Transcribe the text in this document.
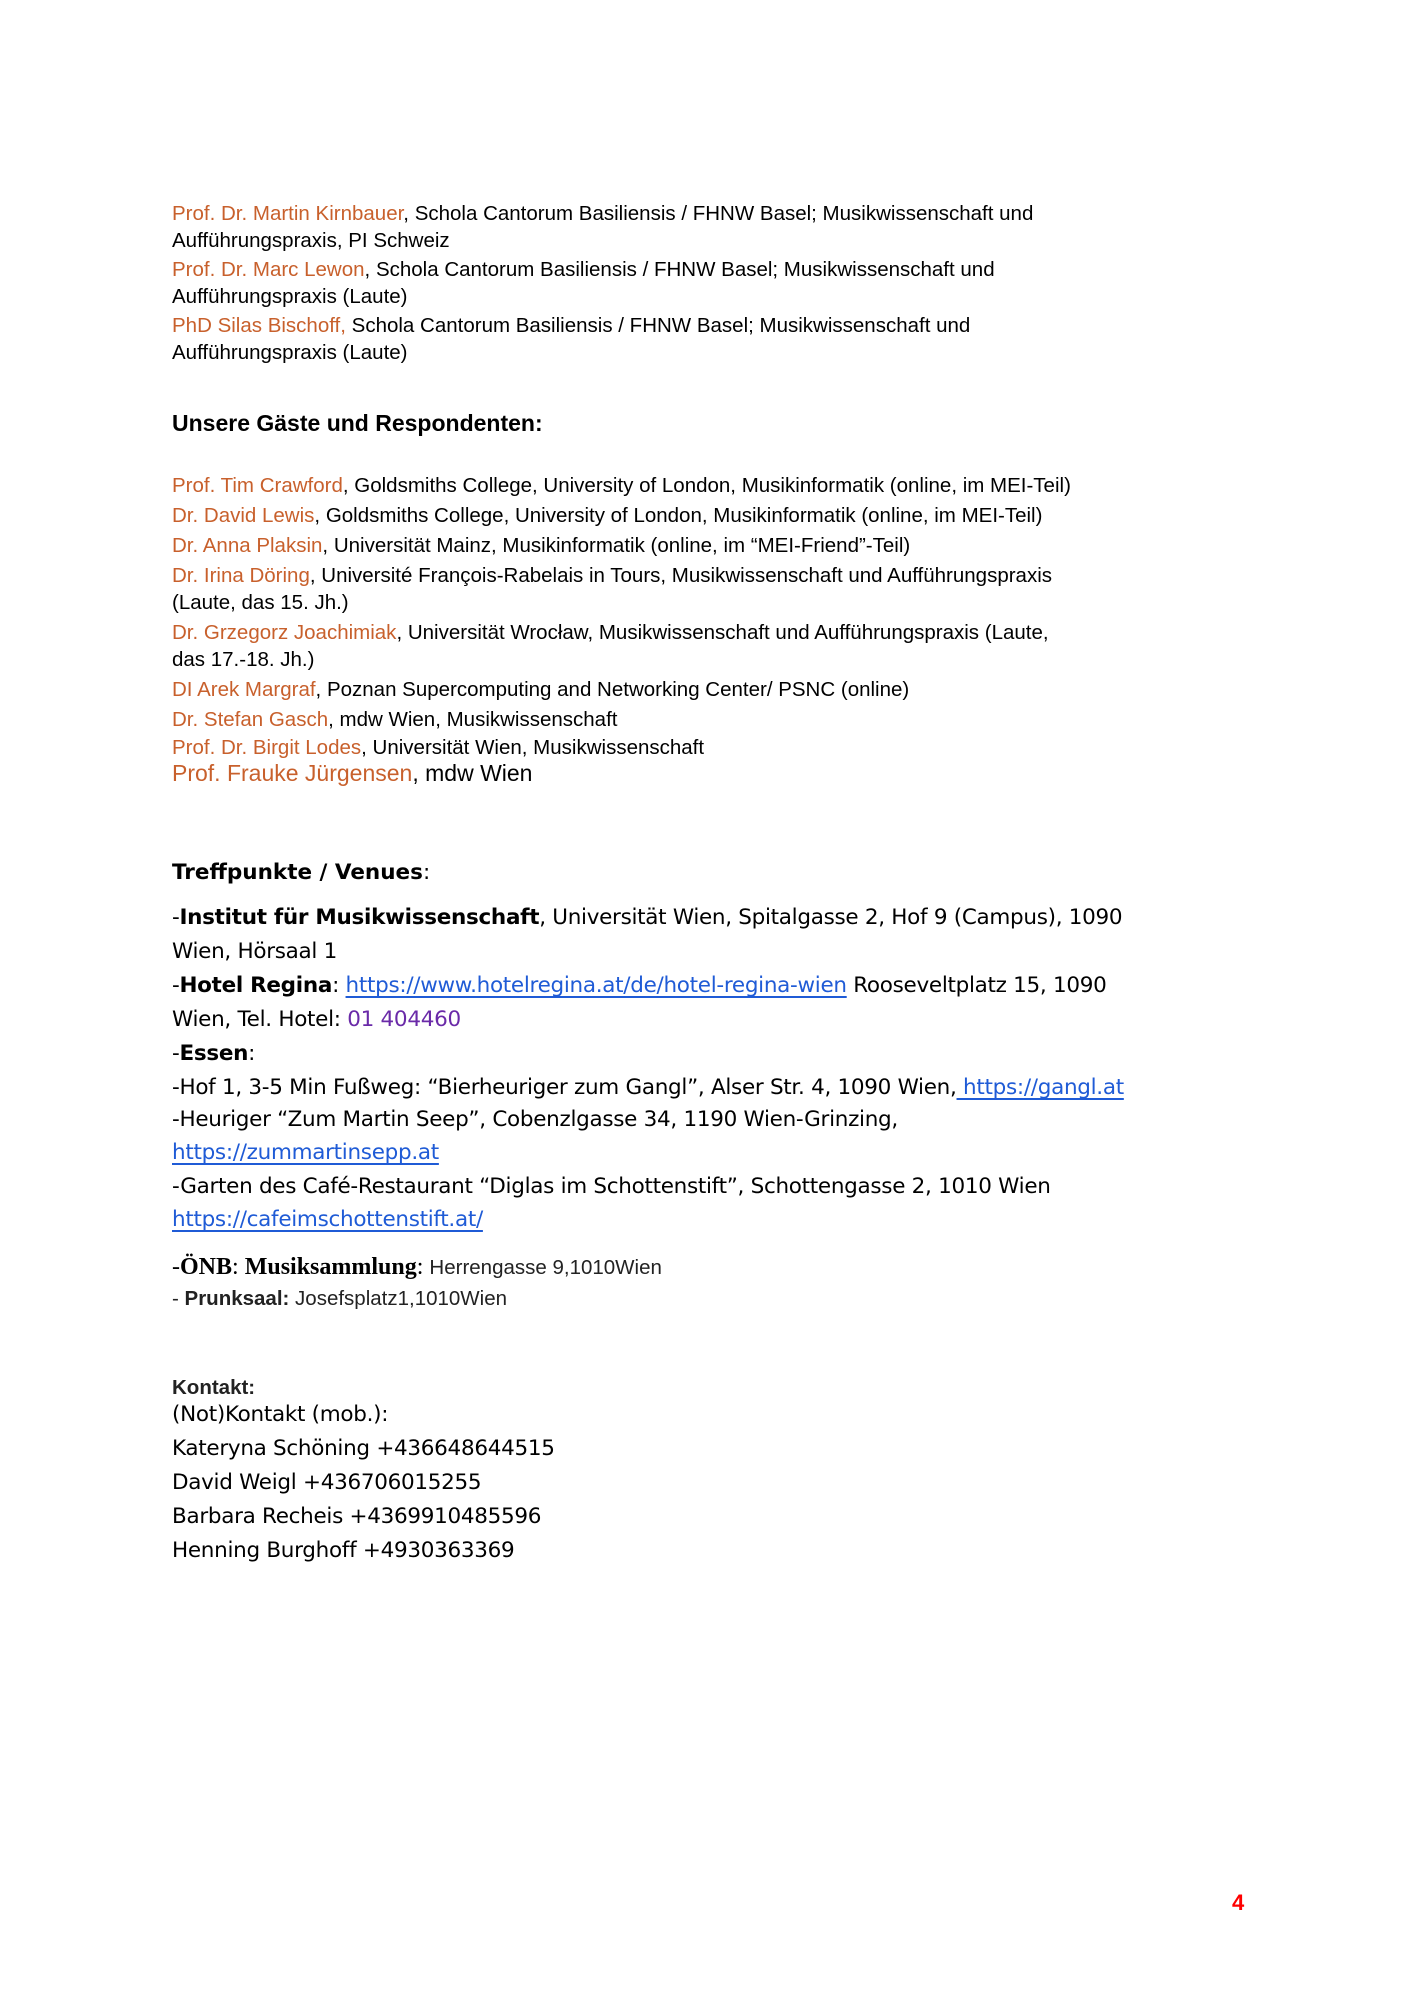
Prof. Dr. Martin Kirnbauer, Schola Cantorum Basiliensis / FHNW Basel; Musikwissenschaft und
Aufführungspraxis, PI Schweiz
Prof. Dr. Marc Lewon, Schola Cantorum Basiliensis / FHNW Basel; Musikwissenschaft und
Aufführungspraxis (Laute)
PhD Silas Bischoff, Schola Cantorum Basiliensis / FHNW Basel; Musikwissenschaft und
Aufführungspraxis (Laute)
Unsere Gäste und Respondenten:
Prof. Tim Crawford, Goldsmiths College, University of London, Musikinformatik (online, im MEI-Teil)
Dr. David Lewis, Goldsmiths College, University of London, Musikinformatik (online, im MEI-Teil)
Dr. Anna Plaksin, Universität Mainz, Musikinformatik (online, im “MEI-Friend”-Teil)
Dr. Irina Döring, Université François-Rabelais in Tours, Musikwissenschaft und Aufführungspraxis
(Laute, das 15. Jh.)
Dr. Grzegorz Joachimiak, Universität Wrocław, Musikwissenschaft und Aufführungspraxis (Laute,
das 17.-18. Jh.)
DI Arek Margraf, Poznan Supercomputing and Networking Center/ PSNC (online)
Dr. Stefan Gasch, mdw Wien, Musikwissenschaft
Prof. Dr. Birgit Lodes, Universität Wien, Musikwissenschaft
Prof. Frauke Jürgensen, mdw Wien
Treffpunkte / Venues:
-Institut für Musikwissenschaft, Universität Wien, Spitalgasse 2, Hof 9 (Campus), 1090
Wien, Hörsaal 1
-Hotel Regina: https://www.hotelregina.at/de/hotel-regina-wien Rooseveltplatz 15, 1090
Wien, Tel. Hotel: 01 404460
-Essen:
-Hof 1, 3-5 Min Fußweg: “Bierheuriger zum Gangl”, Alser Str. 4, 1090 Wien, https://gangl.at
-Heuriger “Zum Martin Seep”, Cobenzlgasse 34, 1190 Wien-Grinzing,
https://zummartinsepp.at
-Garten des Café-Restaurant “Diglas im Schottenstift”, Schottengasse 2, 1010 Wien
https://cafeimschottenstift.at/
-ÖNB: Musiksammlung: Herrengasse 9,1010Wien
- Prunksaal: Josefsplatz1,1010Wien
Kontakt:
(Not)Kontakt (mob.):
Kateryna Schöning +436648644515
David Weigl +436706015255
Barbara Recheis +4369910485596
Henning Burghoff +4930363369
4
